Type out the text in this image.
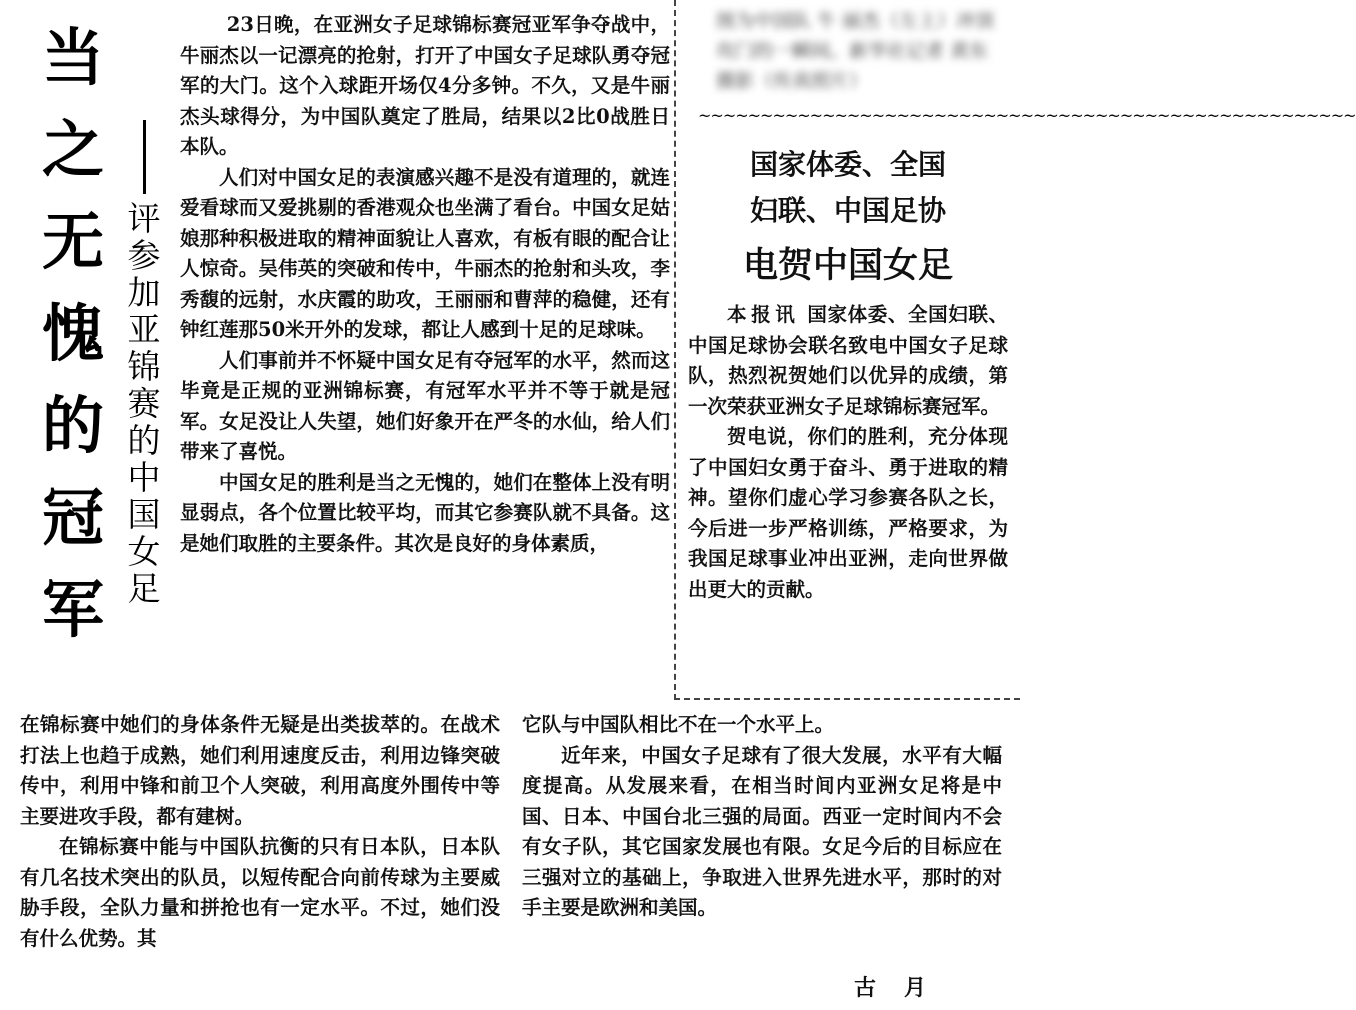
当
之
无
愧
的
冠
军
评
参
加
亚
锦
赛
的
中
国
女
足

23日晚，在亚洲女子足球锦标赛冠亚军争夺战中，牛丽杰以一记漂亮的抢射，打开了中国女子足球队勇夺冠军的大门。这个入球距开场仅4分多钟。不久，又是牛丽杰头球得分，为中国队奠定了胜局，结果以2比0战胜日本队。

人们对中国女足的表演感兴趣不是没有道理的，就连爱看球而又爱挑剔的香港观众也坐满了看台。中国女足姑娘那种积极进取的精神面貌让人喜欢，有板有眼的配合让人惊奇。吴伟英的突破和传中，牛丽杰的抢射和头攻，李秀馥的远射，水庆霞的助攻，王丽丽和曹萍的稳健，还有钟红莲那50米开外的发球，都让人感到十足的足球味。

人们事前并不怀疑中国女足有夺冠军的水平，然而这毕竟是正规的亚洲锦标赛，有冠军水平并不等于就是冠军。女足没让人失望，她们好象开在严冬的水仙，给人们带来了喜悦。

中国女足的胜利是当之无愧的，她们在整体上没有明显弱点，各个位置比较平均，而其它参赛队就不具备。这是她们取胜的主要条件。其次是良好的身体素质，

在锦标赛中她们的身体条件无疑是出类拔萃的。在战术打法上也趋于成熟，她们利用速度反击，利用边锋突破传中，利用中锋和前卫个人突破，利用高度外围传中等主要进攻手段，都有建树。

在锦标赛中能与中国队抗衡的只有日本队，日本队有几名技术突出的队员，以短传配合向前传球为主要威胁手段，全队力量和拼抢也有一定水平。不过，她们没有什么优势。其

它队与中国队相比不在一个水平上。

近年来，中国女子足球有了很大发展，水平有大幅度提高。从发展来看，在相当时间内亚洲女足将是中国、日本、中国台北三强的局面。西亚一定时间内不会有女子队，其它国家发展也有限。女足今后的目标应在三强对立的基础上，争取进入世界先进水平，那时的对手主要是欧洲和美国。

古月
图为中国队 牛 丽杰（左上）冲顶攻门的一瞬间。新华社记者 黄东摄影（传真照片）
~~~~~~~~~~~~~~~~~~~~~~~~~~~~~~~~~~~~~~~~~~~~~~~~~~~~~
国家体委、全国
妇联、中国足协
电贺中国女足

本报讯 国家体委、全国妇联、中国足球协会联名致电中国女子足球队，热烈祝贺她们以优异的成绩，第一次荣获亚洲女子足球锦标赛冠军。

贺电说，你们的胜利，充分体现了中国妇女勇于奋斗、勇于进取的精神。望你们虚心学习参赛各队之长，今后进一步严格训练，严格要求，为我国足球事业冲出亚洲，走向世界做出更大的贡献。
